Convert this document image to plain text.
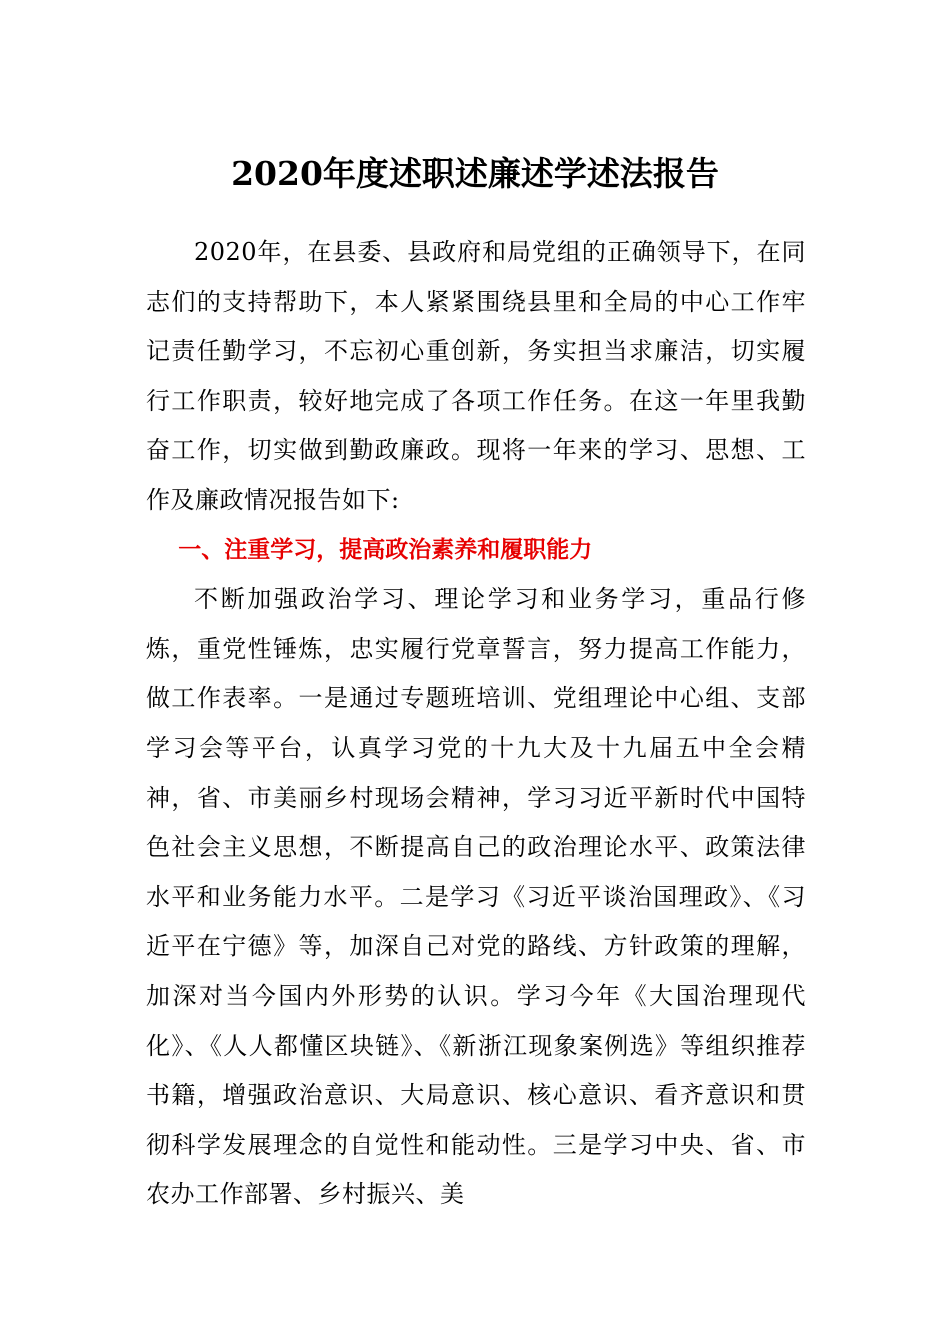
2020年度述职述廉述学述法报告

2020年，在县委、县政府和局党组的正确领导下，在同志们的支持帮助下，本人紧紧围绕县里和全局的中心工作牢记责任勤学习，不忘初心重创新，务实担当求廉洁，切实履行工作职责，较好地完成了各项工作任务。在这一年里我勤奋工作，切实做到勤政廉政。现将一年来的学习、思想、工作及廉政情况报告如下:

一、注重学习，提高政治素养和履职能力

不断加强政治学习、理论学习和业务学习，重品行修炼，重党性锤炼，忠实履行党章誓言，努力提高工作能力，做工作表率。一是通过专题班培训、党组理论中心组、支部学习会等平台，认真学习党的十九大及十九届五中全会精神，省、市美丽乡村现场会精神，学习习近平新时代中国特色社会主义思想，不断提高自己的政治理论水平、政策法律水平和业务能力水平。二是学习《习近平谈治国理政》、《习近平在宁德》等，加深自己对党的路线、方针政策的理解，加深对当今国内外形势的认识。学习今年《大国治理现代化》、《人人都懂区块链》、《新浙江现象案例选》等组织推荐书籍，增强政治意识、大局意识、核心意识、看齐意识和贯彻科学发展理念的自觉性和能动性。三是学习中央、省、市农办工作部署、乡村振兴、美
